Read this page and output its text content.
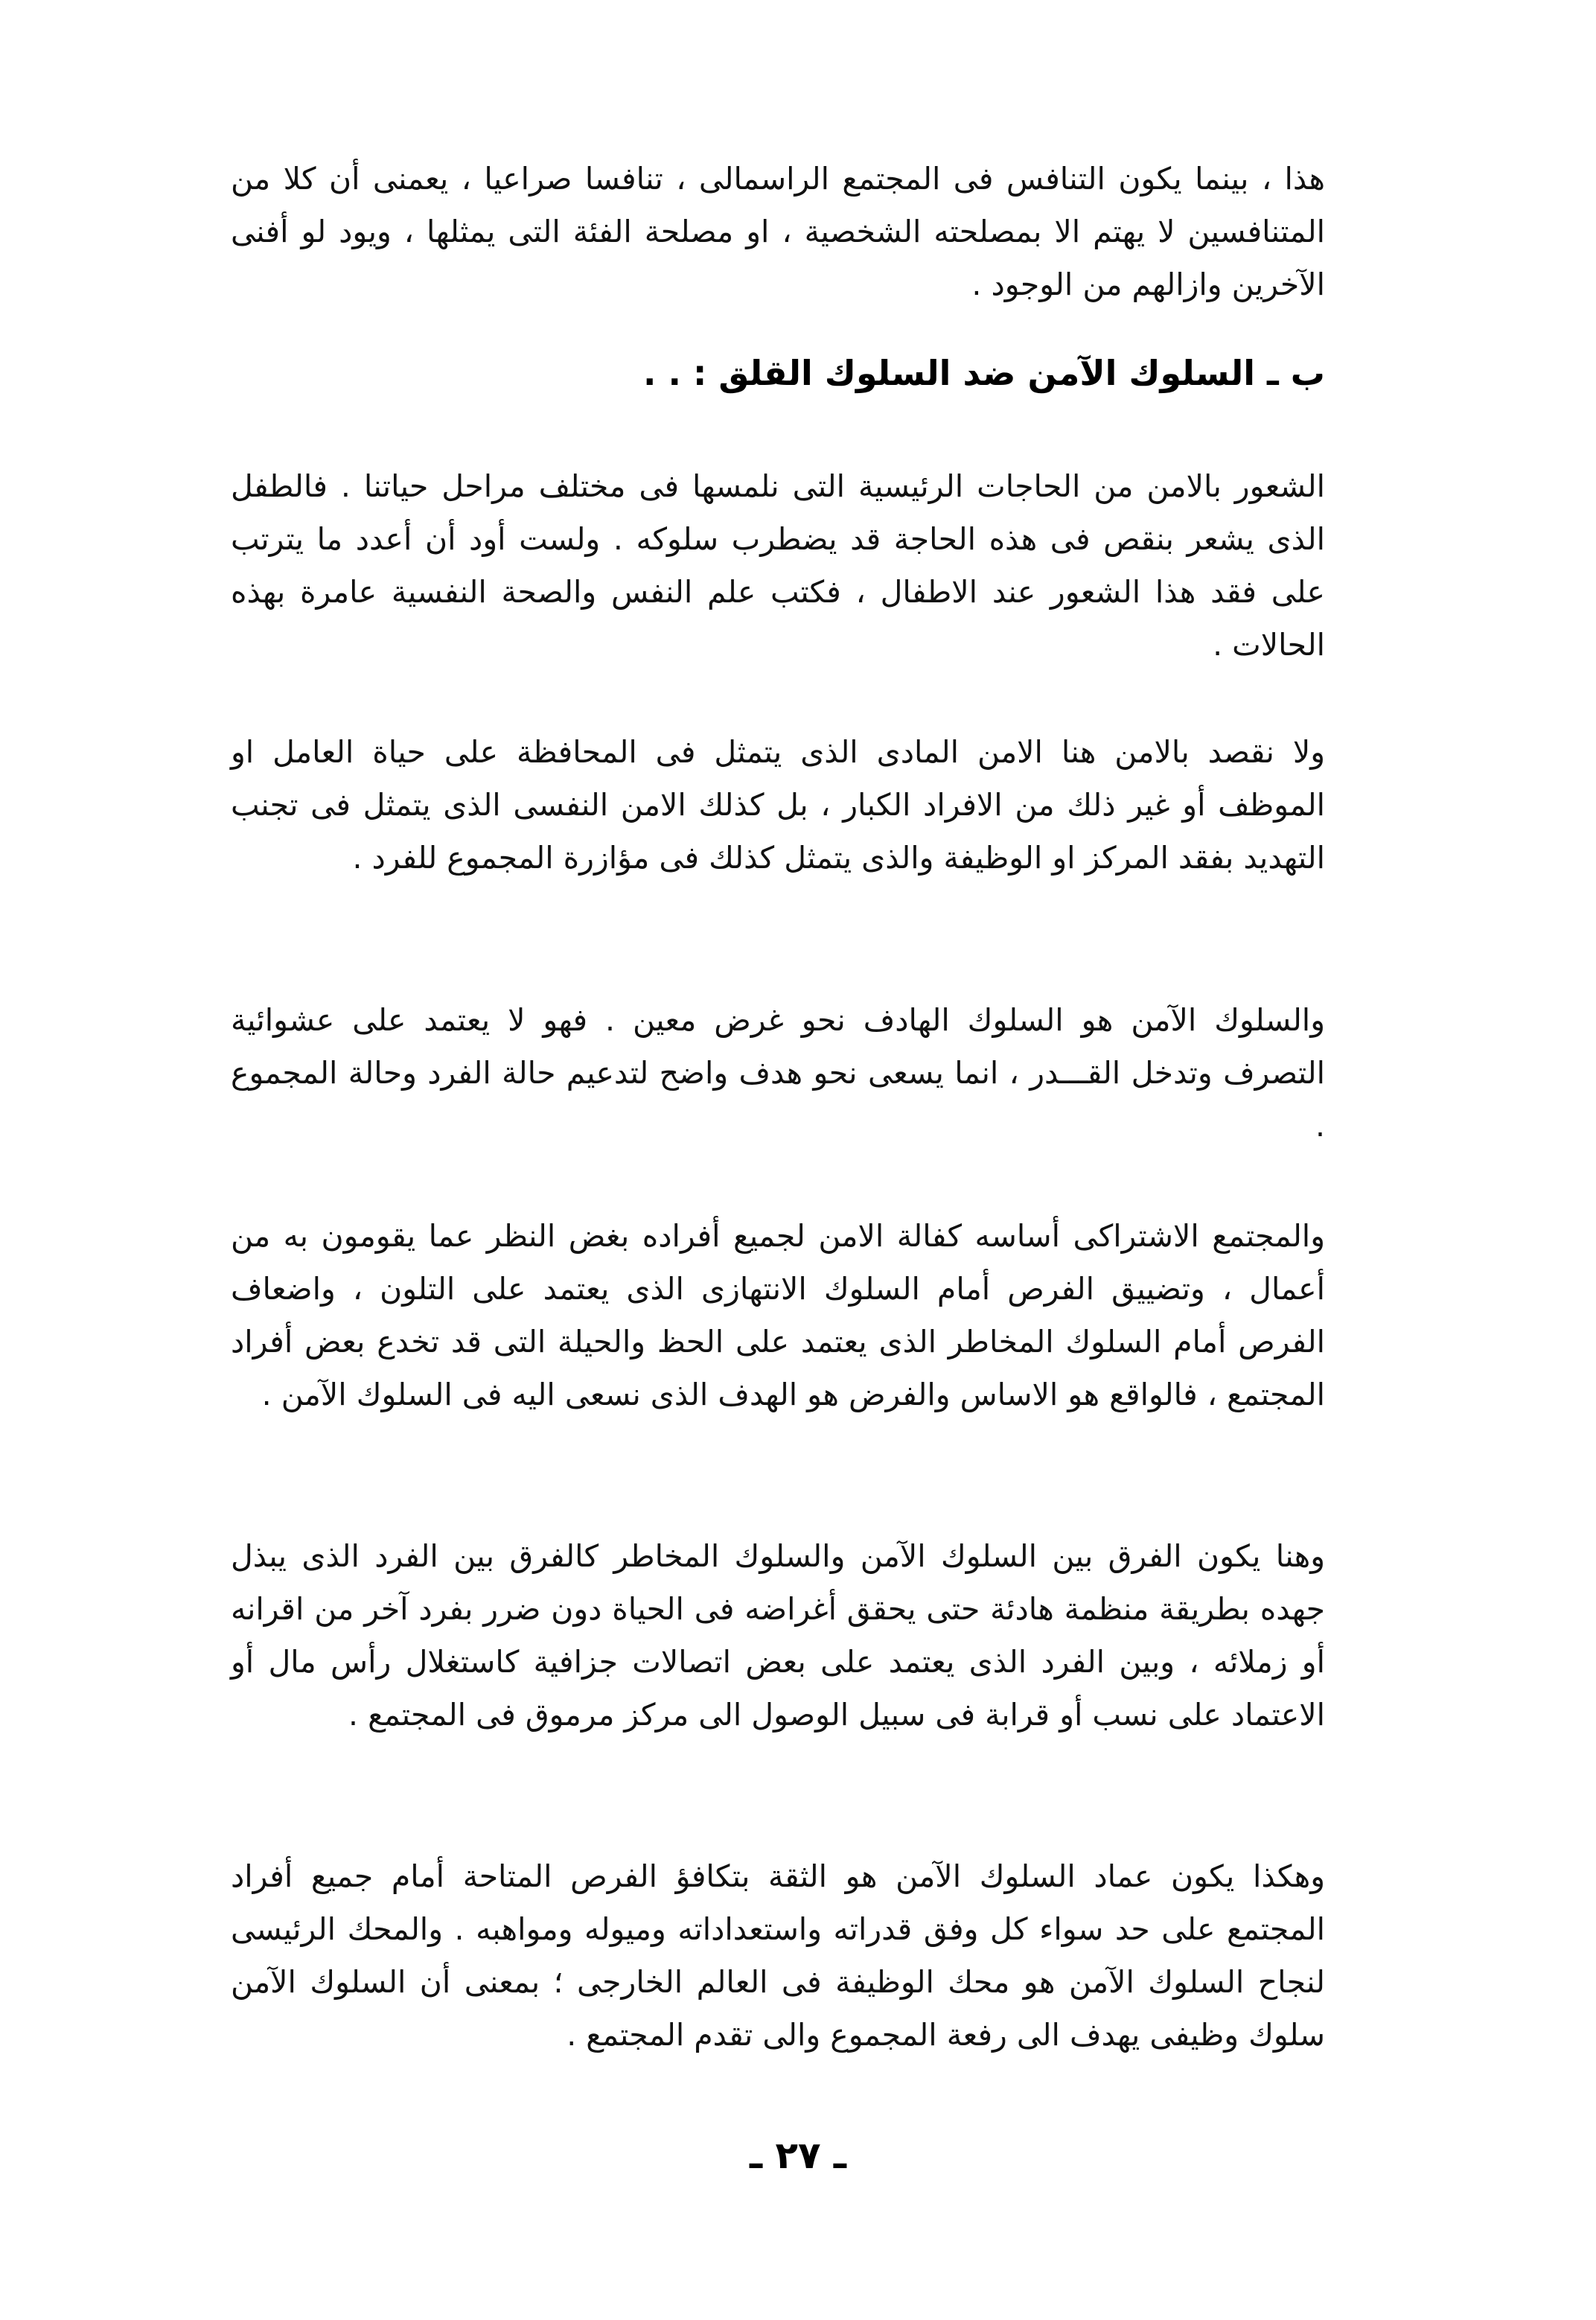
هذا ، بينما يكون التنافس فى المجتمع الراسمالى ، تنافسا صراعيا ، يعمنى أن كلا من المتنافسين لا يهتم الا بمصلحته الشخصية ، او مصلحة الفئة التى يمثلها ، ويود لو أفنى الآخرين وازالهم من الوجود .

ب ـ السلوك الآمن ضد السلوك القلق : . .

الشعور بالامن من الحاجات الرئيسية التى نلمسها فى مختلف مراحل حياتنا . فالطفل الذى يشعر بنقص فى هذه الحاجة قد يضطرب سلوكه . ولست أود أن أعدد ما يترتب على فقد هذا الشعور عند الاطفال ، فكتب علم النفس والصحة النفسية عامرة بهذه الحالات .

ولا نقصد بالامن هنا الامن المادى الذى يتمثل فى المحافظة على حياة العامل او الموظف أو غير ذلك من الافراد الكبار ، بل كذلك الامن النفسى الذى يتمثل فى تجنب التهديد بفقد المركز او الوظيفة والذى يتمثل كذلك فى مؤازرة المجموع للفرد .

والسلوك الآمن هو السلوك الهادف نحو غرض معين . فهو لا يعتمد على عشوائية التصرف وتدخل القـــدر ، انما يسعى نحو هدف واضح لتدعيم حالة الفرد وحالة المجموع .

والمجتمع الاشتراكى أساسه كفالة الامن لجميع أفراده بغض النظر عما يقومون به من أعمال ، وتضييق الفرص أمام السلوك الانتهازى الذى يعتمد على التلون ، واضعاف الفرص أمام السلوك المخاطر الذى يعتمد على الحظ والحيلة التى قد تخدع بعض أفراد المجتمع ، فالواقع هو الاساس والفرض هو الهدف الذى نسعى اليه فى السلوك الآمن .

وهنا يكون الفرق بين السلوك الآمن والسلوك المخاطر كالفرق بين الفرد الذى يبذل جهده بطريقة منظمة هادئة حتى يحقق أغراضه فى الحياة دون ضرر بفرد آخر من اقرانه أو زملائه ، وبين الفرد الذى يعتمد على بعض اتصالات جزافية كاستغلال رأس مال أو الاعتماد على نسب أو قرابة فى سبيل الوصول الى مركز مرموق فى المجتمع .

وهكذا يكون عماد السلوك الآمن هو الثقة بتكافؤ الفرص المتاحة أمام جميع أفراد المجتمع على حد سواء كل وفق قدراته واستعداداته وميوله ومواهبه . والمحك الرئيسى لنجاح السلوك الآمن هو محك الوظيفة فى العالم الخارجى ؛ بمعنى أن السلوك الآمن سلوك وظيفى يهدف الى رفعة المجموع والى تقدم المجتمع .

ـ ٢٧ ـ
